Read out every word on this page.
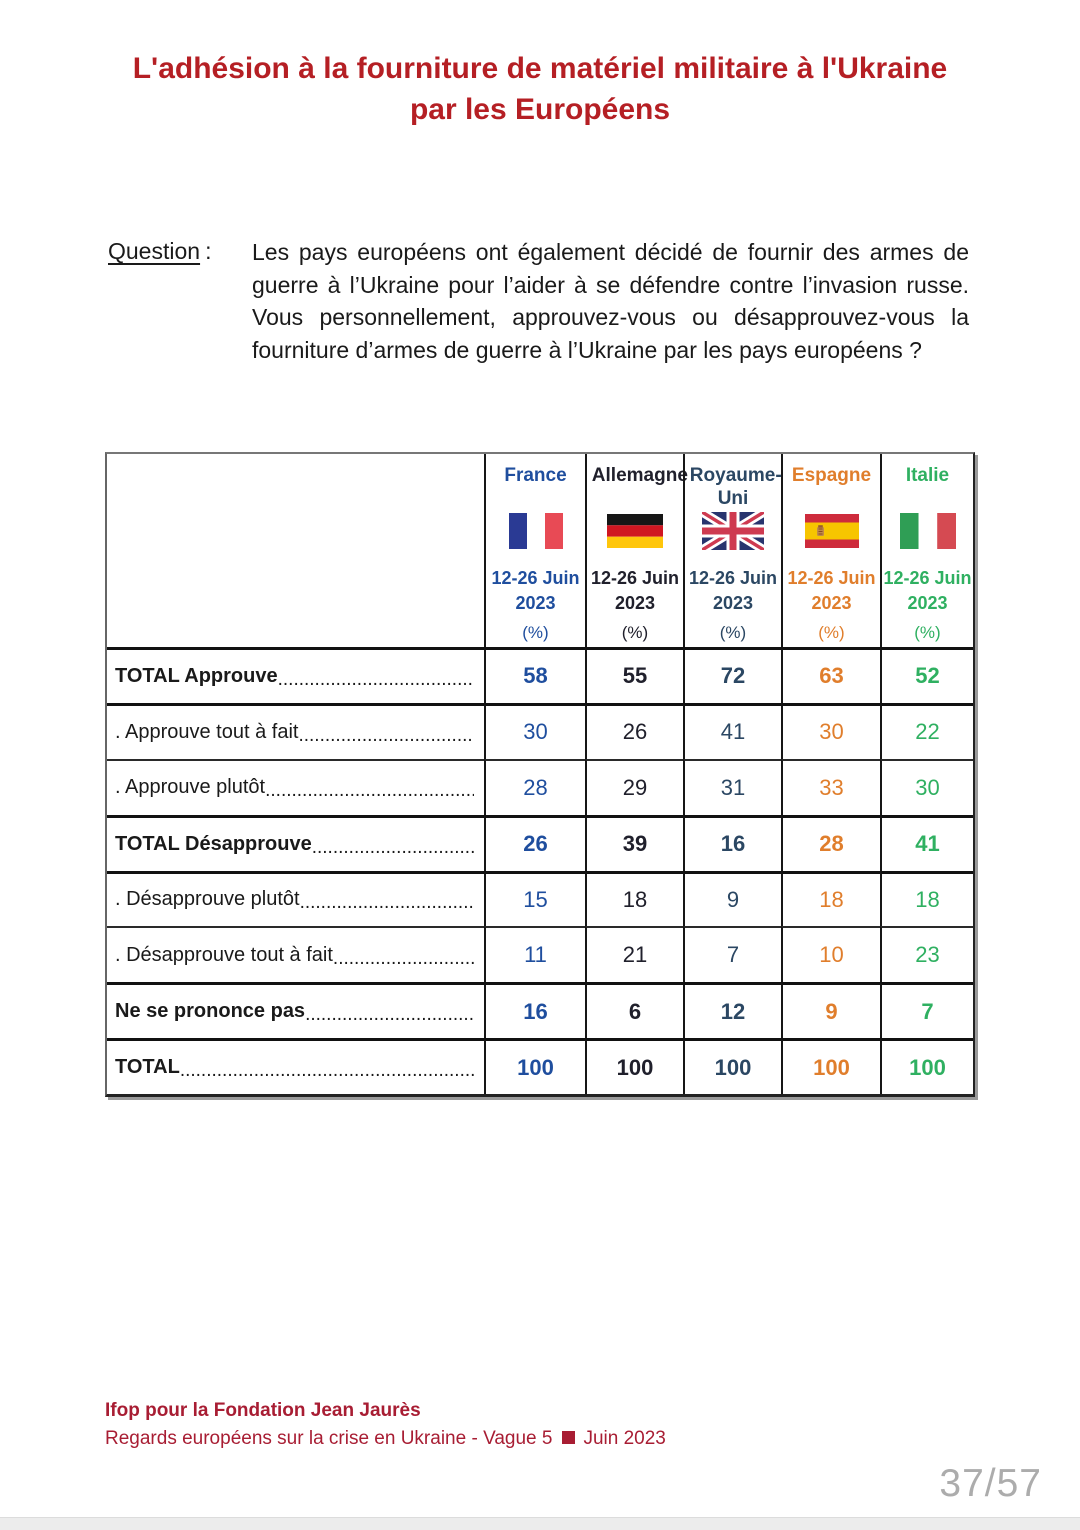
L'adhésion à la fourniture de matériel militaire à l'Ukraine
par les Européens
Question : Les pays européens ont également décidé de fournir des armes de
guerre à l’Ukraine pour l’aider à se défendre contre l’invasion russe.
Vous personnellement, approuvez-vous ou désapprouvez-vous la
fourniture d’armes de guerre à l’Ukraine par les pays européens ?
France
12-26 Juin
2023
(%)
Allemagne
12-26 Juin
2023
(%)
Royaume-Uni
12-26 Juin
2023
(%)
Espagne
12-26 Juin
2023
(%)
Italie
12-26 Juin
2023
(%)
TOTAL Approuve .....	58	55	72	63	52
. Approuve tout à fait .....	30	26	41	30	22
. Approuve plutôt .....	28	29	31	33	30
TOTAL Désapprouve .....	26	39	16	28	41
. Désapprouve plutôt .....	15	18	9	18	18
. Désapprouve tout à fait .....	11	21	7	10	23
Ne se prononce pas .....	16	6	12	9	7
TOTAL .....	100	100	100	100	100
Ifop pour la Fondation Jean Jaurès
Regards européens sur la crise en Ukraine - Vague 5 Juin 2023
37/57
